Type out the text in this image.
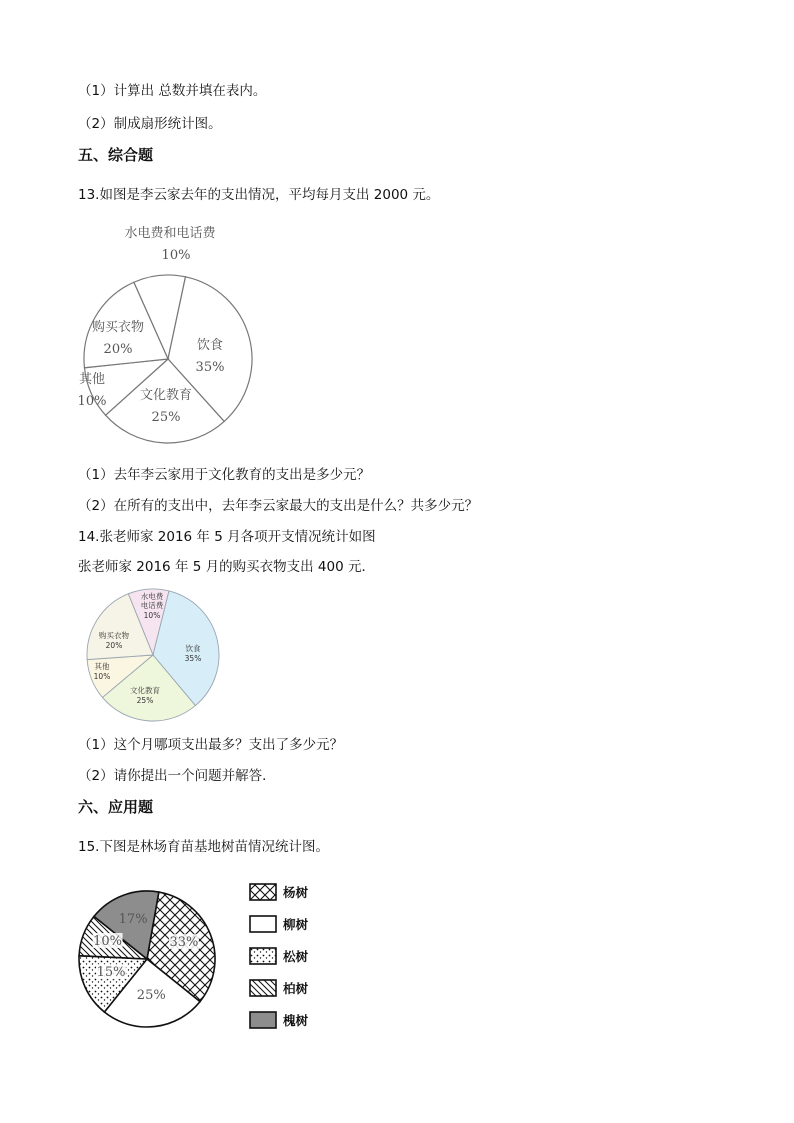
（1）计算出 总数并填在表内。
（2）制成扇形统计图。
五、综合题
13.如图是李云家去年的支出情况，平均每月支出 2000 元。
水电费和电话费
10%
饮食
35%
文化教育
25%
其他
10%
购买衣物
20%
（1）去年李云家用于文化教育的支出是多少元？
（2）在所有的支出中，去年李云家最大的支出是什么？共多少元？
14.张老师家 2016 年 5 月各项开支情况统计如图
张老师家 2016 年 5 月的购买衣物支出 400 元．
水电费
电话费
10%
饮食
35%
文化教育
25%
其他
10%
购买衣物
20%
（1）这个月哪项支出最多？支出了多少元？
（2）请你提出一个问题并解答．
六、应用题
15.下图是林场育苗基地树苗情况统计图。
33%
25%
15%
10%
17%
杨树
柳树
松树
柏树
槐树
